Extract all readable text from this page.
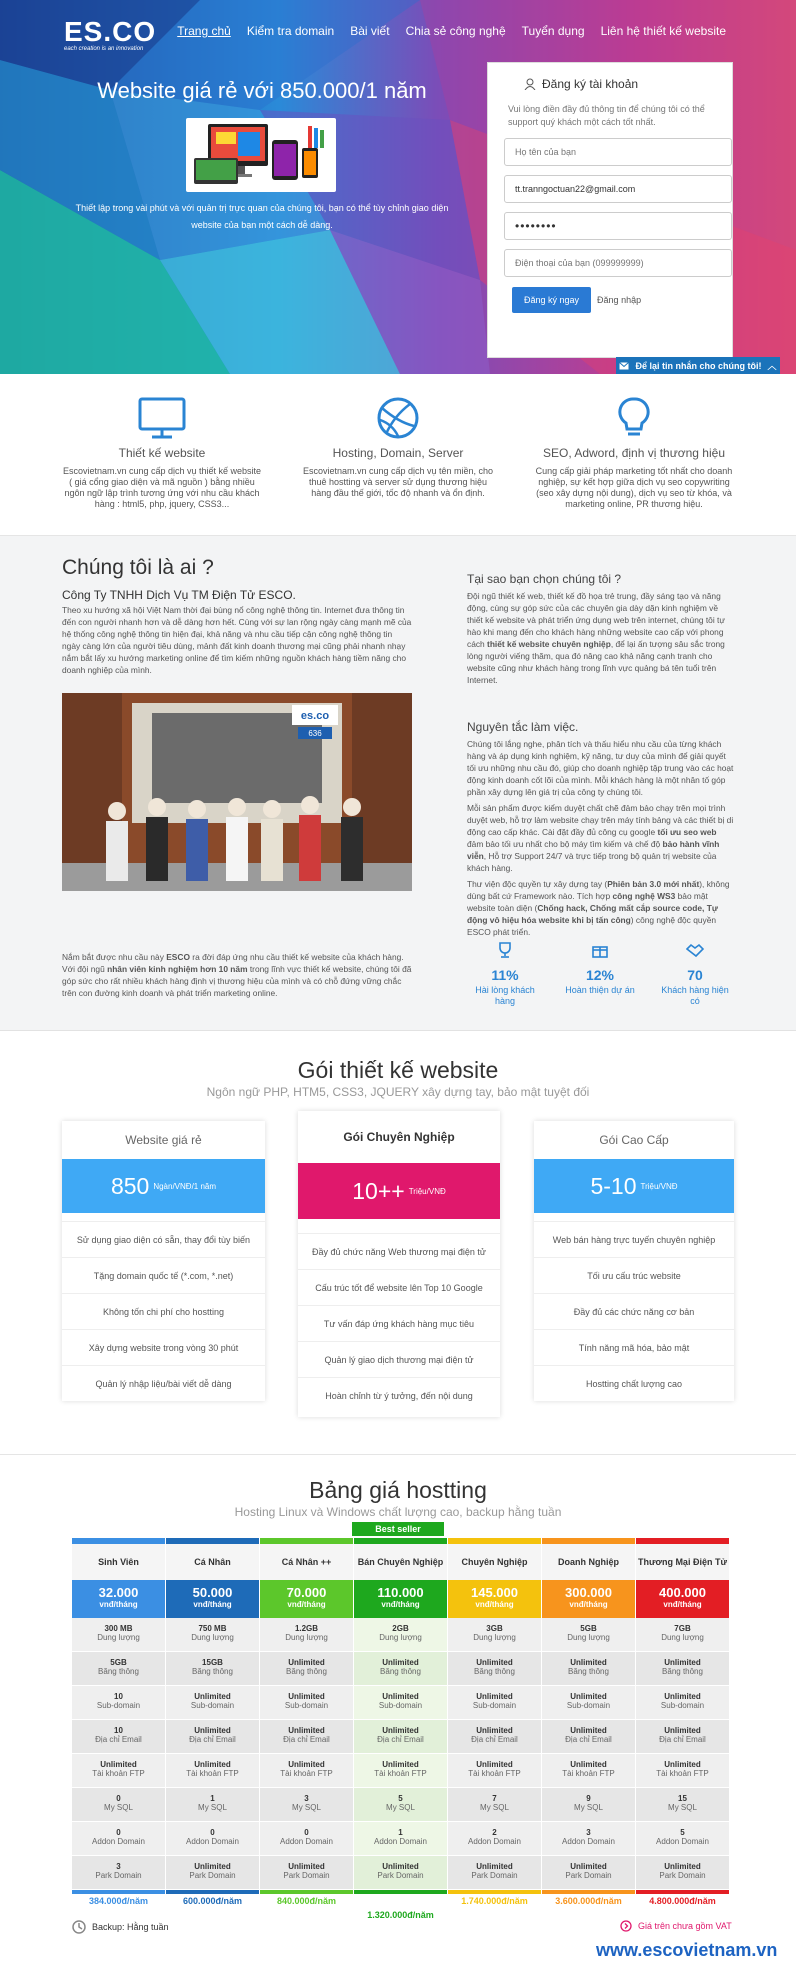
ES.CO
each creation is an innovation
Trang chủ Kiểm tra domain Bài viết Chia sẻ công nghệ Tuyển dụng Liên hệ thiết kế website
Website giá rẻ với 850.000/1 năm
Thiết lập trong vài phút và với quản trị trực quan của chúng tôi, bạn có thể tùy chỉnh giao diện website của bạn một cách dễ dàng.
Đăng ký tài khoản
Vui lòng điền đầy đủ thông tin để chúng tôi có thể support quý khách một cách tốt nhất.
Họ tên của bạn
tt.tranngoctuan22@gmail.com
••••••••
Điện thoại của bạn (099999999)
Đăng ký ngay	Đăng nhập
Để lại tin nhắn cho chúng tôi! ︿
Thiết kế website
Escovietnam.vn cung cấp dịch vụ thiết kế website ( giá cổng giao diện và mã nguồn ) bằng nhiều ngôn ngữ lập trình tương ứng với nhu cầu khách hàng : html5, php, jquery, CSS3...
Hosting, Domain, Server
Escovietnam.vn cung cấp dịch vụ tên miền, cho thuê hostting và server sử dụng thương hiệu hàng đầu thế giới, tốc độ nhanh và ổn định.
SEO, Adword, định vị thương hiệu
Cung cấp giải pháp marketing tốt nhất cho doanh nghiệp, sự kết hợp giữa dịch vụ seo copywriting (seo xây dựng nội dung), dịch vụ seo từ khóa, và marketing online, PR thương hiệu.
Chúng tôi là ai ?
Công Ty TNHH Dịch Vụ TM Điện Tử ESCO.

Theo xu hướng xã hội Việt Nam thời đại bùng nổ công nghệ thông tin. Internet đưa thông tin đến con người nhanh hơn và dễ dàng hơn hết. Cùng với sự lan rộng ngày càng mạnh mẽ của hệ thống công nghệ thông tin hiện đại, khả năng và nhu cầu tiếp cận công nghệ thông tin ngày càng lớn của người tiêu dùng, mảnh đất kinh doanh thương mại cũng phải nhanh nhạy nắm bắt lấy xu hướng marketing online để tìm kiếm những nguồn khách hàng tiềm năng cho doanh nghiệp của mình.

es.co
636

Nắm bắt được nhu cầu này ESCO ra đời đáp ứng nhu cầu thiết kế website của khách hàng. Với đội ngũ nhân viên kinh nghiệm hơn 10 năm trong lĩnh vực thiết kế website, chúng tôi đã góp sức cho rất nhiều khách hàng định vị thương hiệu của mình và có chỗ đứng vững chắc trên con đường kinh doanh và phát triển marketing online.

Tại sao bạn chọn chúng tôi ?

Đội ngũ thiết kế web, thiết kế đồ họa trẻ trung, đầy sáng tạo và năng động, cùng sự góp sức của các chuyên gia dày dặn kinh nghiệm về thiết kế website và phát triển ứng dụng web trên internet, chúng tôi tự hào khi mang đến cho khách hàng những website cao cấp với phong cách thiết kế website chuyên nghiệp, để lại ấn tượng sâu sắc trong lòng người viếng thăm, qua đó nâng cao khả năng cạnh tranh cho website cũng như khách hàng trong lĩnh vực quảng bá tên tuổi trên Internet.

Nguyên tắc làm việc.

Chúng tôi lắng nghe, phân tích và thấu hiểu nhu cầu của từng khách hàng và áp dụng kinh nghiệm, kỹ năng, tư duy của mình để giải quyết tối ưu những nhu cầu đó, giúp cho doanh nghiệp tập trung vào các hoạt động kinh doanh cốt lõi của mình. Mỗi khách hàng là một nhân tố góp phần xây dựng lên giá trị của công ty chúng tôi.

Mỗi sản phẩm được kiểm duyệt chất chẽ đảm bảo chạy trên mọi trình duyệt web, hỗ trợ làm website chạy trên máy tính bảng và các thiết bị di động cao cấp khác. Cài đặt đầy đủ công cụ google tối ưu seo web đảm bảo tối ưu nhất cho bộ máy tìm kiếm và chế độ bảo hành vĩnh viễn, Hỗ trợ Support 24/7 và trực tiếp trong bộ quản trị website của khách hàng.

Thư viện độc quyền tự xây dựng tay (Phiên bản 3.0 mới nhất), không dùng bất cứ Framework nào. Tích hợp công nghệ WS3 bảo mật website toàn diện (Chống hack, Chống mất cắp source code, Tự động vô hiệu hóa website khi bị tấn công) công nghệ độc quyền ESCO phát triển.

11%
Hài lòng khách hàng
12%
Hoàn thiện dự án
70
Khách hàng hiện có
Gói thiết kế website
Ngôn ngữ PHP, HTM5, CSS3, JQUERY xây dựng tay, bảo mật tuyệt đối
Website giá rẻ
850 Ngàn/VNĐ/1 năm
Sử dụng giao diện có sẵn, thay đổi tùy biến
Tặng domain quốc tế (*.com, *.net)
Không tốn chi phí cho hostting
Xây dựng website trong vòng 30 phút
Quản lý nhập liệu/bài viết dễ dàng
Gói Chuyên Nghiệp
10++ Triệu/VNĐ
Đầy đủ chức năng Web thương mại điện tử
Cấu trúc tốt để website lên Top 10 Google
Tư vấn đáp ứng khách hàng mục tiêu
Quản lý giao dịch thương mại điện tử
Hoàn chỉnh từ ý tưởng, đến nội dung
Gói Cao Cấp
5-10 Triệu/VNĐ
Web bán hàng trực tuyến chuyên nghiệp
Tối ưu cấu trúc website
Đầy đủ các chức năng cơ bản
Tính năng mã hóa, bảo mật
Hostting chất lượng cao
Bảng giá hostting
Hosting Linux và Windows chất lượng cao, backup hằng tuần
Best seller
Sinh Viên
32.000
vnđ/tháng
300 MB
Dung lượng
5GB
Băng thông
10
Sub-domain
10
Địa chỉ Email
Unlimited
Tài khoản FTP
0
My SQL
0
Addon Domain
3
Park Domain
384.000đ/năm
Cá Nhân
50.000
vnđ/tháng
750 MB
Dung lượng
15GB
Băng thông
Unlimited
Sub-domain
Unlimited
Địa chỉ Email
Unlimited
Tài khoản FTP
1
My SQL
0
Addon Domain
Unlimited
Park Domain
600.000đ/năm
Cá Nhân ++
70.000
vnđ/tháng
1.2GB
Dung lượng
Unlimited
Băng thông
Unlimited
Sub-domain
Unlimited
Địa chỉ Email
Unlimited
Tài khoản FTP
3
My SQL
0
Addon Domain
Unlimited
Park Domain
840.000đ/năm
Bán Chuyên Nghiệp
110.000
vnđ/tháng
2GB
Dung lượng
Unlimited
Băng thông
Unlimited
Sub-domain
Unlimited
Địa chỉ Email
Unlimited
Tài khoản FTP
5
My SQL
1
Addon Domain
Unlimited
Park Domain
1.320.000đ/năm
Chuyên Nghiệp
145.000
vnđ/tháng
3GB
Dung lượng
Unlimited
Băng thông
Unlimited
Sub-domain
Unlimited
Địa chỉ Email
Unlimited
Tài khoản FTP
7
My SQL
2
Addon Domain
Unlimited
Park Domain
1.740.000đ/năm
Doanh Nghiệp
300.000
vnđ/tháng
5GB
Dung lượng
Unlimited
Băng thông
Unlimited
Sub-domain
Unlimited
Địa chỉ Email
Unlimited
Tài khoản FTP
9
My SQL
3
Addon Domain
Unlimited
Park Domain
3.600.000đ/năm
Thương Mại Điện Tử
400.000
vnđ/tháng
7GB
Dung lượng
Unlimited
Băng thông
Unlimited
Sub-domain
Unlimited
Địa chỉ Email
Unlimited
Tài khoản FTP
15
My SQL
5
Addon Domain
Unlimited
Park Domain
4.800.000đ/năm
Backup: Hằng tuần	Giá trên chưa gồm VAT
www.escovietnam.vn
